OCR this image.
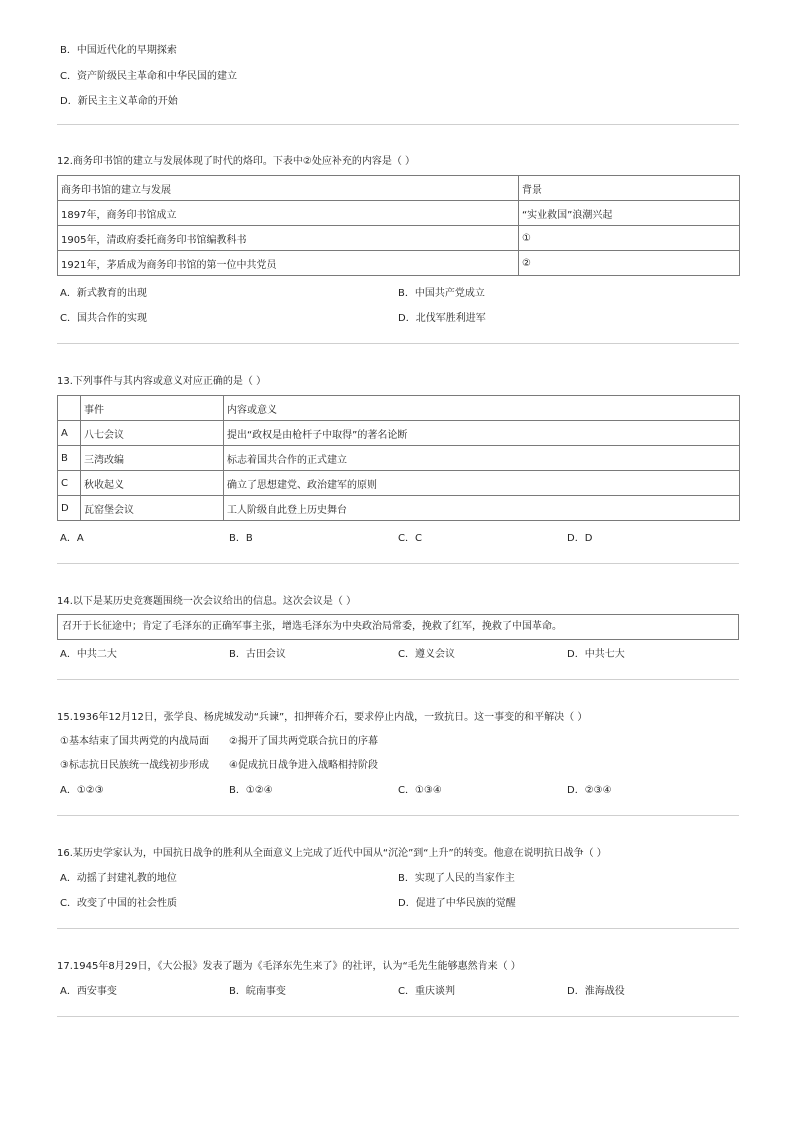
B．中国近代化的早期探索
C．资产阶级民主革命和中华民国的建立
D．新民主主义革命的开始
12.商务印书馆的建立与发展体现了时代的烙印。下表中②处应补充的内容是（ ）
商务印书馆的建立与发展	背景
1897年，商务印书馆成立	“实业救国”浪潮兴起
1905年，清政府委托商务印书馆编教科书	①
1921年，茅盾成为商务印书馆的第一位中共党员	②
A．新式教育的出现	B．中国共产党成立
C．国共合作的实现	D．北伐军胜利进军
13.下列事件与其内容或意义对应正确的是（ ）
	事件	内容或意义
A	八七会议	提出“政权是由枪杆子中取得”的著名论断
B	三湾改编	标志着国共合作的正式建立
C	秋收起义	确立了思想建党、政治建军的原则
D	瓦窑堡会议	工人阶级自此登上历史舞台
A．A	B．B	C．C	D．D
14.以下是某历史竞赛题围绕一次会议给出的信息。这次会议是（ ）
召开于长征途中；肯定了毛泽东的正确军事主张，增选毛泽东为中央政治局常委，挽救了红军，挽救了中国革命。
A．中共二大	B．古田会议	C．遵义会议	D．中共七大
15.1936年12月12日，张学良、杨虎城发动“兵谏”，扣押蒋介石，要求停止内战，一致抗日。这一事变的和平解决（ ）
①基本结束了国共两党的内战局面 ②揭开了国共两党联合抗日的序幕
③标志抗日民族统一战线初步形成 ④促成抗日战争进入战略相持阶段
A．①②③	B．①②④	C．①③④	D．②③④
16.某历史学家认为，中国抗日战争的胜利从全面意义上完成了近代中国从“沉沦”到“上升”的转变。他意在说明抗日战争（ ）
A．动摇了封建礼教的地位	B．实现了人民的当家作主
C．改变了中国的社会性质	D．促进了中华民族的觉醒
17.1945年8月29日，《大公报》发表了题为《毛泽东先生来了》的社评，认为“毛先生能够惠然肯来（ ）
A．西安事变	B．皖南事变	C．重庆谈判	D．淮海战役
